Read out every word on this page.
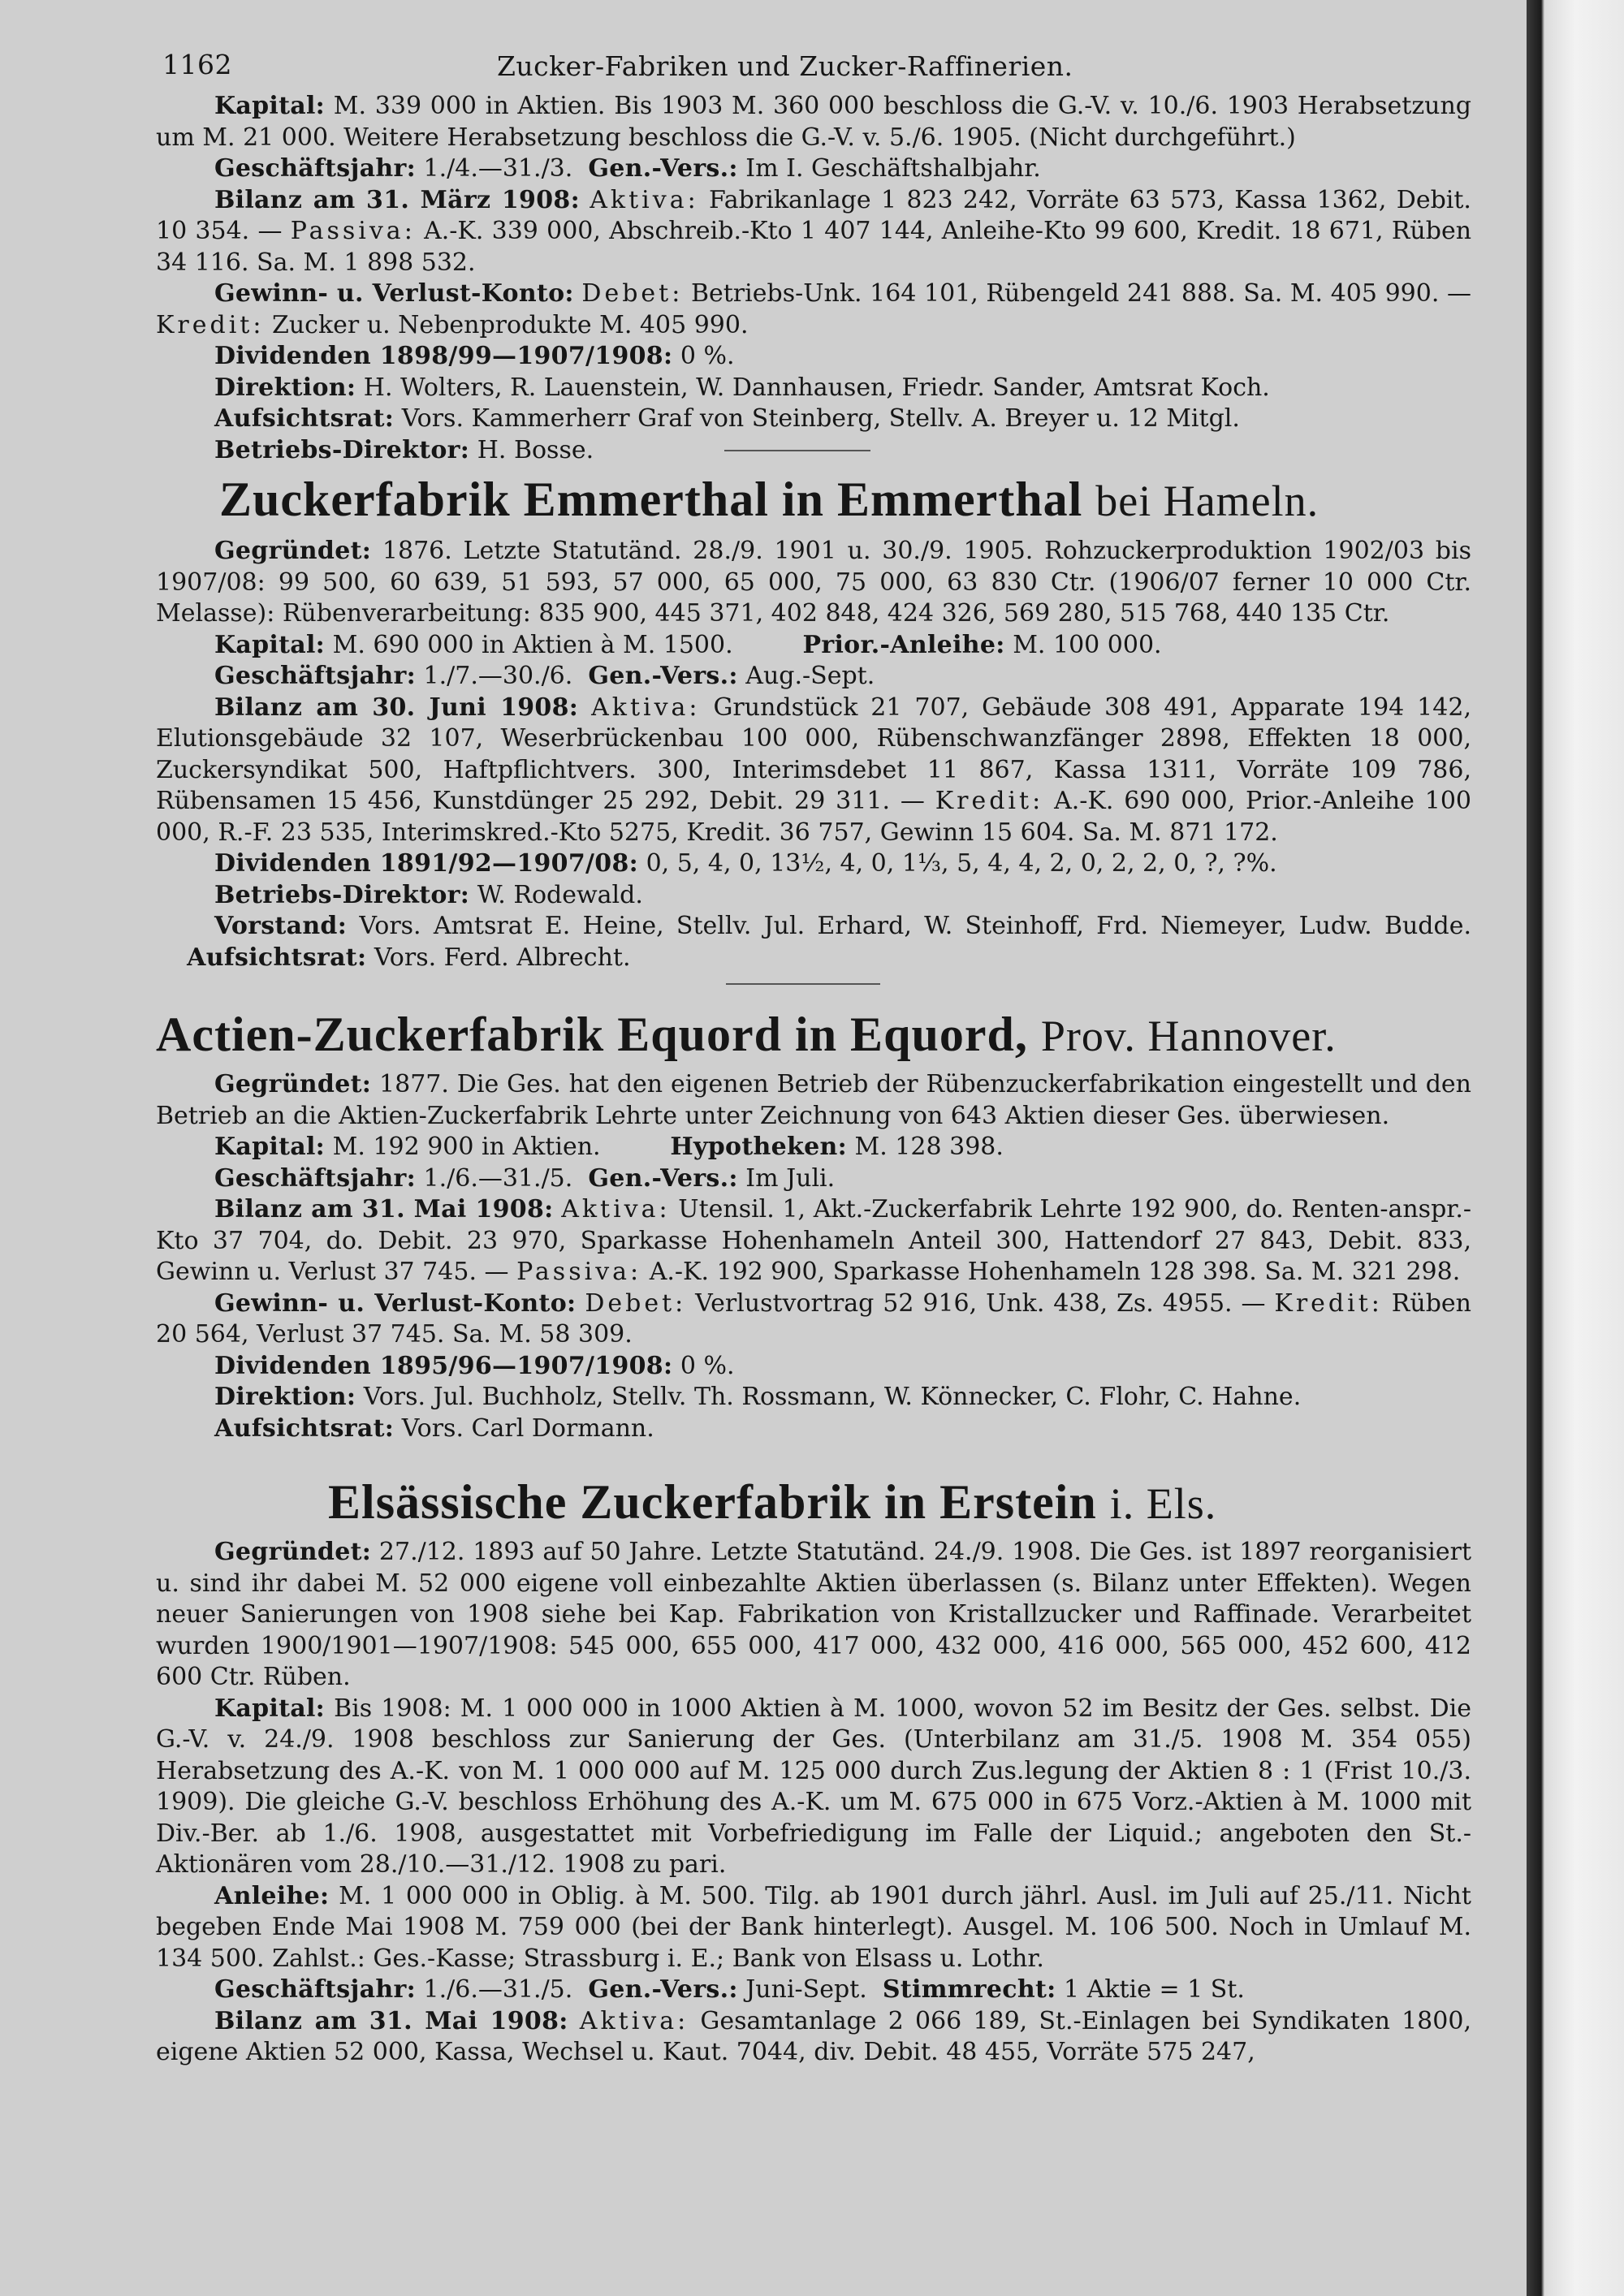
1162	Zucker-Fabriken und Zucker-Raffinerien.

Kapital: M. 339 000 in Aktien. Bis 1903 M. 360 000 beschloss die G.-V. v. 10./6. 1903 Herabsetzung um M. 21 000. Weitere Herabsetzung beschloss die G.-V. v. 5./6. 1905. (Nicht durchgeführt.)

Geschäftsjahr: 1./4.—31./3. Gen.-Vers.: Im I. Geschäftshalbjahr.

Bilanz am 31. März 1908: Aktiva: Fabrikanlage 1 823 242, Vorräte 63 573, Kassa 1362, Debit. 10 354. — Passiva: A.-K. 339 000, Abschreib.-Kto 1 407 144, Anleihe-Kto 99 600, Kredit. 18 671, Rüben 34 116. Sa. M. 1 898 532.

Gewinn- u. Verlust-Konto: Debet: Betriebs-Unk. 164 101, Rübengeld 241 888. Sa. M. 405 990. — Kredit: Zucker u. Nebenprodukte M. 405 990.

Dividenden 1898/99—1907/1908: 0 %.

Direktion: H. Wolters, R. Lauenstein, W. Dannhausen, Friedr. Sander, Amtsrat Koch.

Aufsichtsrat: Vors. Kammerherr Graf von Steinberg, Stellv. A. Breyer u. 12 Mitgl.

Betriebs-Direktor: H. Bosse.

Zuckerfabrik Emmerthal in Emmerthal bei Hameln.

Gegründet: 1876. Letzte Statutänd. 28./9. 1901 u. 30./9. 1905. Rohzuckerproduktion 1902/03 bis 1907/08: 99 500, 60 639, 51 593, 57 000, 65 000, 75 000, 63 830 Ctr. (1906/07 ferner 10 000 Ctr. Melasse): Rübenverarbeitung: 835 900, 445 371, 402 848, 424 326, 569 280, 515 768, 440 135 Ctr.

Kapital: M. 690 000 in Aktien à M. 1500.	Prior.-Anleihe: M. 100 000.

Geschäftsjahr: 1./7.—30./6. Gen.-Vers.: Aug.-Sept.

Bilanz am 30. Juni 1908: Aktiva: Grundstück 21 707, Gebäude 308 491, Apparate 194 142, Elutionsgebäude 32 107, Weserbrückenbau 100 000, Rübenschwanzfänger 2898, Effekten 18 000, Zuckersyndikat 500, Haftpflichtvers. 300, Interimsdebet 11 867, Kassa 1311, Vorräte 109 786, Rübensamen 15 456, Kunstdünger 25 292, Debit. 29 311. — Kredit: A.-K. 690 000, Prior.-Anleihe 100 000, R.-F. 23 535, Interimskred.-Kto 5275, Kredit. 36 757, Gewinn 15 604. Sa. M. 871 172.

Dividenden 1891/92—1907/08: 0, 5, 4, 0, 13½, 4, 0, 1⅓, 5, 4, 4, 2, 0, 2, 2, 0, ?, ?%.

Betriebs-Direktor: W. Rodewald.

Vorstand: Vors. Amtsrat E. Heine, Stellv. Jul. Erhard, W. Steinhoff, Frd. Niemeyer, Ludw. Budde.     Aufsichtsrat: Vors. Ferd. Albrecht.

Actien-Zuckerfabrik Equord in Equord, Prov. Hannover.

Gegründet: 1877. Die Ges. hat den eigenen Betrieb der Rübenzuckerfabrikation eingestellt und den Betrieb an die Aktien-Zuckerfabrik Lehrte unter Zeichnung von 643 Aktien dieser Ges. überwiesen.

Kapital: M. 192 900 in Aktien.	Hypotheken: M. 128 398.

Geschäftsjahr: 1./6.—31./5. Gen.-Vers.: Im Juli.

Bilanz am 31. Mai 1908: Aktiva: Utensil. 1, Akt.-Zuckerfabrik Lehrte 192 900, do. Renten-anspr.-Kto 37 704, do. Debit. 23 970, Sparkasse Hohenhameln Anteil 300, Hattendorf 27 843, Debit. 833, Gewinn u. Verlust 37 745. — Passiva: A.-K. 192 900, Sparkasse Hohenhameln 128 398. Sa. M. 321 298.

Gewinn- u. Verlust-Konto: Debet: Verlustvortrag 52 916, Unk. 438, Zs. 4955. — Kredit: Rüben 20 564, Verlust 37 745. Sa. M. 58 309.

Dividenden 1895/96—1907/1908: 0 %.

Direktion: Vors. Jul. Buchholz, Stellv. Th. Rossmann, W. Könnecker, C. Flohr, C. Hahne.

Aufsichtsrat: Vors. Carl Dormann.

Elsässische Zuckerfabrik in Erstein i. Els.

Gegründet: 27./12. 1893 auf 50 Jahre. Letzte Statutänd. 24./9. 1908. Die Ges. ist 1897 reorganisiert u. sind ihr dabei M. 52 000 eigene voll einbezahlte Aktien überlassen (s. Bilanz unter Effekten). Wegen neuer Sanierungen von 1908 siehe bei Kap. Fabrikation von Kristallzucker und Raffinade. Verarbeitet wurden 1900/1901—1907/1908: 545 000, 655 000, 417 000, 432 000, 416 000, 565 000, 452 600, 412 600 Ctr. Rüben.

Kapital: Bis 1908: M. 1 000 000 in 1000 Aktien à M. 1000, wovon 52 im Besitz der Ges. selbst. Die G.-V. v. 24./9. 1908 beschloss zur Sanierung der Ges. (Unterbilanz am 31./5. 1908 M. 354 055) Herabsetzung des A.-K. von M. 1 000 000 auf M. 125 000 durch Zus.legung der Aktien 8 : 1 (Frist 10./3. 1909). Die gleiche G.-V. beschloss Erhöhung des A.-K. um M. 675 000 in 675 Vorz.-Aktien à M. 1000 mit Div.-Ber. ab 1./6. 1908, ausgestattet mit Vorbefriedigung im Falle der Liquid.; angeboten den St.-Aktionären vom 28./10.—31./12. 1908 zu pari.

Anleihe: M. 1 000 000 in Oblig. à M. 500. Tilg. ab 1901 durch jährl. Ausl. im Juli auf 25./11. Nicht begeben Ende Mai 1908 M. 759 000 (bei der Bank hinterlegt). Ausgel. M. 106 500. Noch in Umlauf M. 134 500. Zahlst.: Ges.-Kasse; Strassburg i. E.; Bank von Elsass u. Lothr.

Geschäftsjahr: 1./6.—31./5. Gen.-Vers.: Juni-Sept. Stimmrecht: 1 Aktie = 1 St.

Bilanz am 31. Mai 1908: Aktiva: Gesamtanlage 2 066 189, St.-Einlagen bei Syndikaten 1800, eigene Aktien 52 000, Kassa, Wechsel u. Kaut. 7044, div. Debit. 48 455, Vorräte 575 247,
